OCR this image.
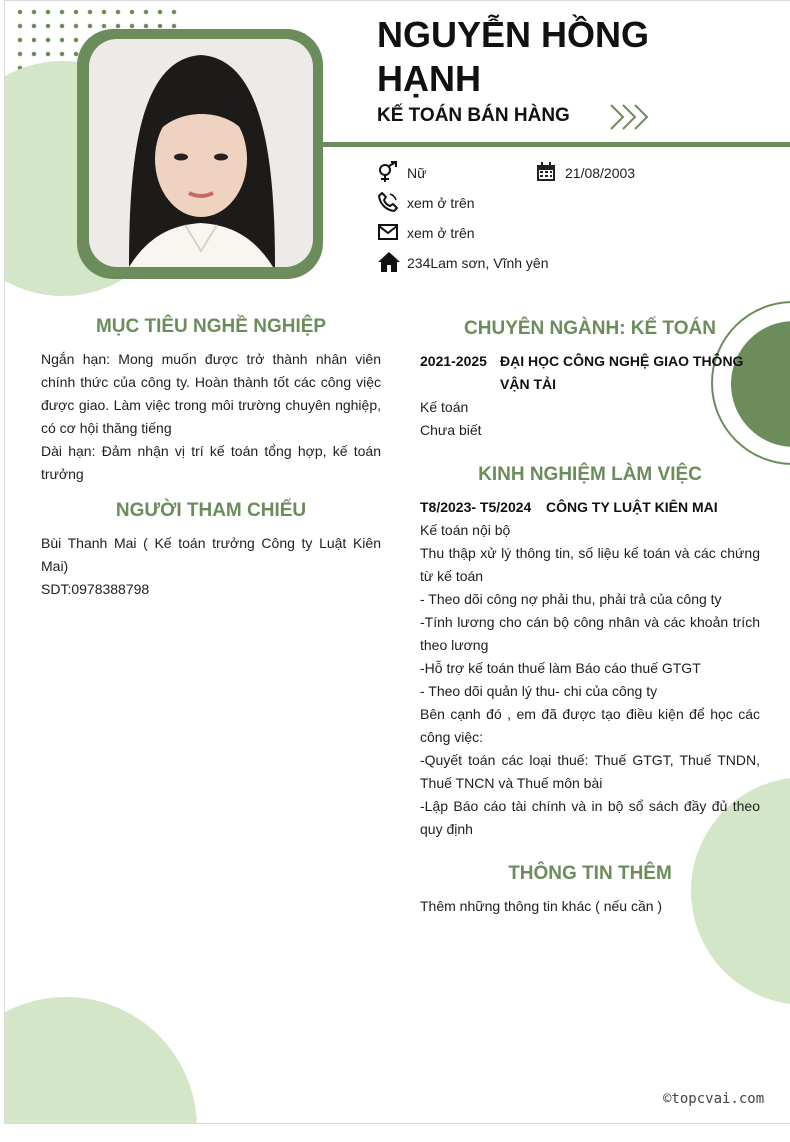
NGUYỄN HỒNG HẠNH
KẾ TOÁN BÁN HÀNG
Nữ	21/08/2003
xem ở trên
xem ở trên
234Lam sơn, Vĩnh yên
MỤC TIÊU NGHỀ NGHIỆP

Ngắn hạn: Mong muốn được trở thành nhân viên chính thức của công ty. Hoàn thành tốt các công việc được giao. Làm việc trong môi trường chuyên nghiệp, có cơ hội thăng tiếng

Dài hạn: Đảm nhận vị trí kế toán tổng hợp, kế toán trưởng

NGƯỜI THAM CHIẾU

Bùi Thanh Mai ( Kế toán trưởng Công ty Luật Kiên Mai)

SDT:0978388798

CHUYÊN NGÀNH: KẾ TOÁN
2021-2025 ĐẠI HỌC CÔNG NGHỆ GIAO THÔNG VẬN TẢI

Kế toán

Chưa biết

KINH NGHIỆM LÀM VIỆC
T8/2023- T5/2024 CÔNG TY LUẬT KIÊN MAI

Kế toán nội bộ

Thu thập xử lý thông tin, số liệu kế toán và các chứng từ kế toán

- Theo dõi công nợ phải thu, phải trả của công ty

-Tính lương cho cán bộ công nhân và các khoản trích theo lương

-Hỗ trợ kế toán thuế làm Báo cáo thuế GTGT

- Theo dõi quản lý thu- chi của công ty

Bên cạnh đó , em đã được tạo điều kiện để học các công việc:

-Quyết toán các loại thuế: Thuế GTGT, Thuế TNDN, Thuế TNCN và Thuế môn bài

-Lập Báo cáo tài chính và in bộ sổ sách đầy đủ theo quy định

THÔNG TIN THÊM
Thêm những thông tin khác ( nếu cần )
©topcvai.com
